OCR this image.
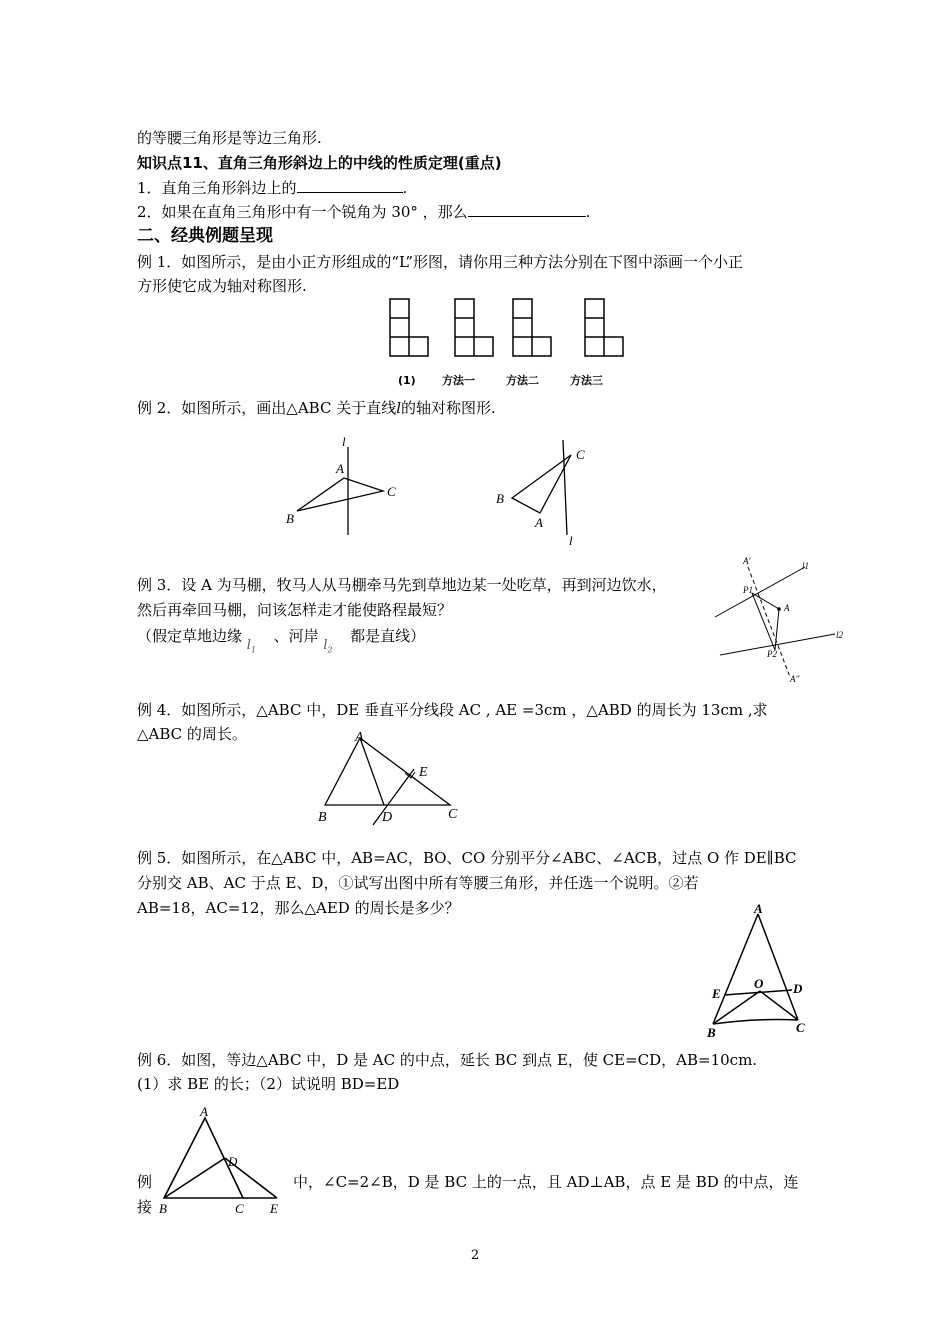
的等腰三角形是等边三角形.
知识点11、直角三角形斜边上的中线的性质定理(重点)
1．直角三角形斜边上的	.
2．如果在直角三角形中有一个锐角为 30° ，那么	.
二、经典例题呈现
例 1．如图所示，是由小正方形组成的“L”形图，请你用三种方法分别在下图中添画一个小正
方形使它成为轴对称图形.
(1) 方法一	方法二	方法三
例 2．如图所示，画出△ABC 关于直线l的轴对称图形.
l
A
B
C
C
B
A
l
例 3．设 A 为马棚，牧马人从马棚牵马先到草地边某一处吃草，再到河边饮水，
然后再牵回马棚，问该怎样走才能使路程最短？
（假定草地边缘 $l_1$ 、河岸 $l_2$ 都是直线）
A'	l1
P1
A
l2
P2
A''
例 4．如图所示，△ABC 中，DE 垂直平分线段 AC , AE =3cm ，△ABD 的周长为 13cm ,求
△ABC 的周长。	A
E
B	D	C
例 5．如图所示，在△ABC 中，AB=AC，BO、CO 分别平分∠ABC、∠ACB，过点 O 作 DE∥BC
分别交 AB、AC 于点 E、D，①试写出图中所有等腰三角形，并任选一个说明。②若
AB=18，AC=12，那么△AED 的周长是多少？	A
O
E	D
B	C
例 6．如图，等边△ABC 中，D 是 AC 的中点，延长 BC 到点 E，使 CE=CD，AB=10cm.
(1）求 BE 的长；（2）试说明 BD=ED
A
D
B	C E
例
接
中，∠C=2∠B，D 是 BC 上的一点，且 AD⊥AB，点 E 是 BD 的中点，连
2
